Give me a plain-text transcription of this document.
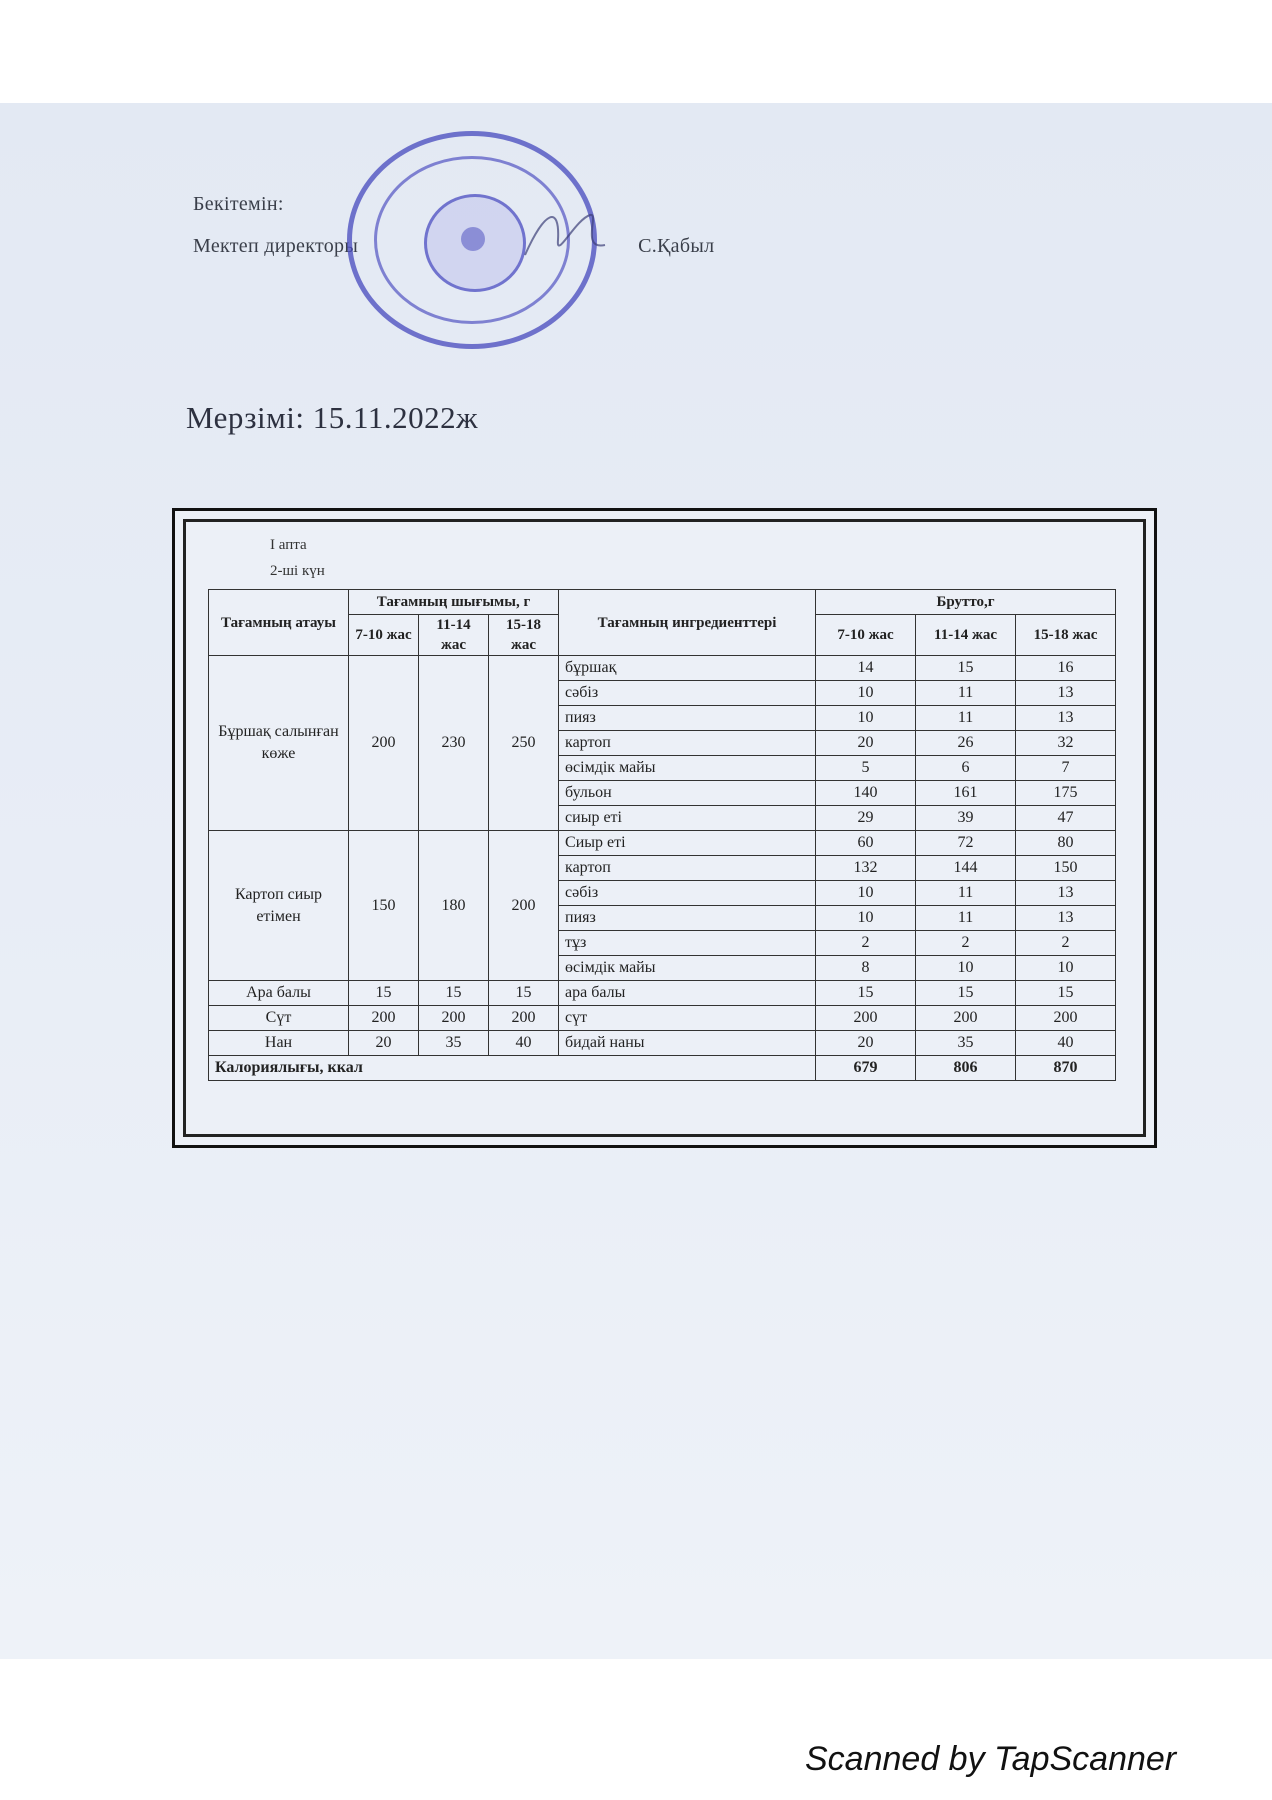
Бекітемін:
Мектеп директоры	С.Қабыл
Мерзімі: 15.11.2022ж
I апта
2-ші күн
Тағамның атауы	Тағамның шығымы, г			Тағамның ингредиенттері	Брутто,г		
	7-10 жас	11-14 жас	15-18 жас		7-10 жас	11-14 жас	15-18 жас
Бұршақ салынған көже	200	230	250	бұршақ	14	15	16
				сәбіз	10	11	13
				пияз	10	11	13
				картоп	20	26	32
				өсімдік майы	5	6	7
				бульон	140	161	175
				сиыр еті	29	39	47
Картоп сиыр етімен	150	180	200	Сиыр еті	60	72	80
				картоп	132	144	150
				сәбіз	10	11	13
				пияз	10	11	13
				тұз	2	2	2
				өсімдік майы	8	10	10
Ара балы	15	15	15	ара балы	15	15	15
Сүт	200	200	200	сүт	200	200	200
Нан	20	35	40	бидай наны	20	35	40
Калориялығы, ккал					679	806	870
Scanned by TapScanner
